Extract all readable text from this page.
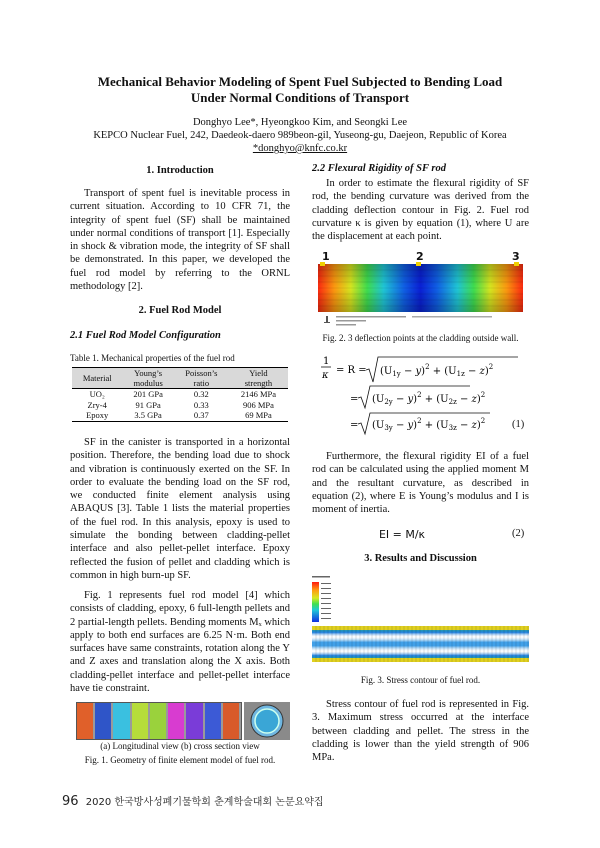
Mechanical Behavior Modeling of Spent Fuel Subjected to Bending Load
Under Normal Conditions of Transport
Donghyo Lee*, Hyeongkoo Kim, and Seongki Lee
KEPCO Nuclear Fuel, 242, Daedeok-daero 989beon-gil, Yuseong-gu, Daejeon, Republic of Korea
*donghyo@knfc.co.kr
1. Introduction
Transport of spent fuel is inevitable process in current situation. According to 10 CFR 71, the integrity of spent fuel (SF) shall be maintained under normal conditions of transport [1]. Especially in shock & vibration mode, the integrity of SF shall be demonstrated. In this paper, we developed the fuel rod model by referring to the ORNL methodology [2].
2. Fuel Rod Model
2.1 Fuel Rod Model Configuration
Table 1. Mechanical properties of the fuel rod
Material	Young’s	Poisson’s	Yield
	modulus	ratio	strength
UO₂	201 GPa	0.32	2146 MPa
Zry-4	91 GPa	0.33	906 MPa
Epoxy	3.5 GPa	0.37	69 MPa
SF in the canister is transported in a horizontal position. Therefore, the bending load due to shock and vibration is continuously exerted on the SF. In order to evaluate the bending load on the SF rod, we conducted finite element analysis using ABAQUS [3]. Table 1 lists the material properties of the fuel rod. In this analysis, epoxy is used to simulate the bonding between cladding-pellet interface and also pellet-pellet interface. Epoxy reflected the fusion of pellet and cladding which is common in high burn-up SF.
Fig. 1 represents fuel rod model [4] which consists of cladding, epoxy, 6 full-length pellets and 2 partial-length pellets. Bending moments Mₓ which apply to both end surfaces are 6.25 N·m. Both end surfaces have same constraints, rotation along the Y and Z axes and translation along the X axis. Both cladding-pellet interface and pellet-pellet interface have tie constraint.
(a) Longitudinal view (b) cross section view
Fig. 1. Geometry of finite element model of fuel rod.
2.2 Flexural Rigidity of SF rod
In order to estimate the flexural rigidity of SF rod, the bending curvature was derived from the cladding deflection contour in Fig. 2. Fuel rod curvature κ is given by equation (1), where U are the displacement at each point.
1	2	3
Fig. 2. 3 deflection points at the cladding outside wall.
1
$\kappa = R = (U_{1y} - y)^2 + (U_{1z} - z)^2$
= $(U_{2y} - y)^2 + (U_{2z} - z)^2$
= $(U_{3y} - y)^2 + (U_{3z} - z)^2$	(1)
Furthermore, the flexural rigidity EI of a fuel rod can be calculated using the applied moment M and the resultant curvature, as described in equation (2), where E is Young’s modulus and I is moment of inertia.
EI = M/κ	(2)
3. Results and Discussion
Fig. 3. Stress contour of fuel rod.
Stress contour of fuel rod is represented in Fig. 3. Maximum stress occurred at the interface between cladding and pellet. The stress in the cladding is lower than the yield strength of 906 MPa.
96 2020 한국방사성폐기물학회 춘계학술대회 논문요약집
